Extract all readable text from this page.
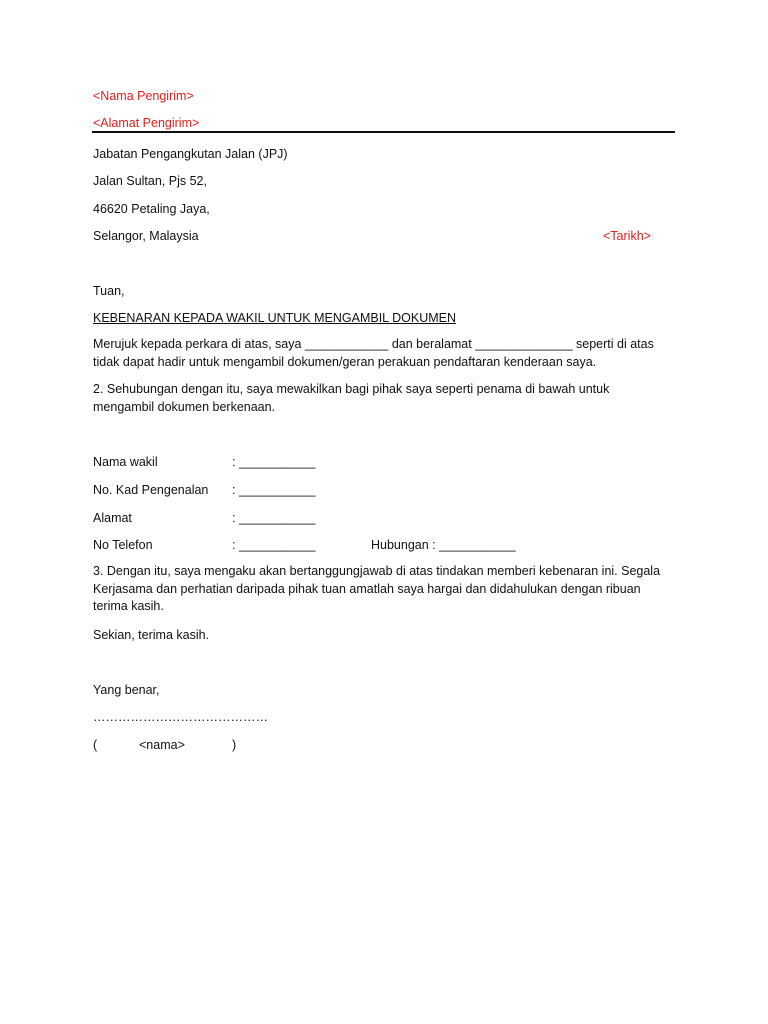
<Nama Pengirim>
<Alamat Pengirim>
Jabatan Pengangkutan Jalan (JPJ)
Jalan Sultan, Pjs 52,
46620 Petaling Jaya,
Selangor, Malaysia	<Tarikh>
Tuan,
KEBENARAN KEPADA WAKIL UNTUK MENGAMBIL DOKUMEN
Merujuk kepada perkara di atas, saya ____________ dan beralamat ______________ seperti di atas tidak dapat hadir untuk mengambil dokumen/geran perakuan pendaftaran kenderaan saya.
2. Sehubungan dengan itu, saya mewakilkan bagi pihak saya seperti penama di bawah untuk mengambil dokumen berkenaan.
Nama wakil	: ___________
No. Kad Pengenalan : ___________
Alamat	: ___________
No Telefon	: ___________	Hubungan : ___________
3. Dengan itu, saya mengaku akan bertanggungjawab di atas tindakan memberi kebenaran ini. Segala Kerjasama dan perhatian daripada pihak tuan amatlah saya hargai dan didahulukan dengan ribuan terima kasih.
Sekian, terima kasih.
Yang benar,
……………………………………
(	<nama>	)
